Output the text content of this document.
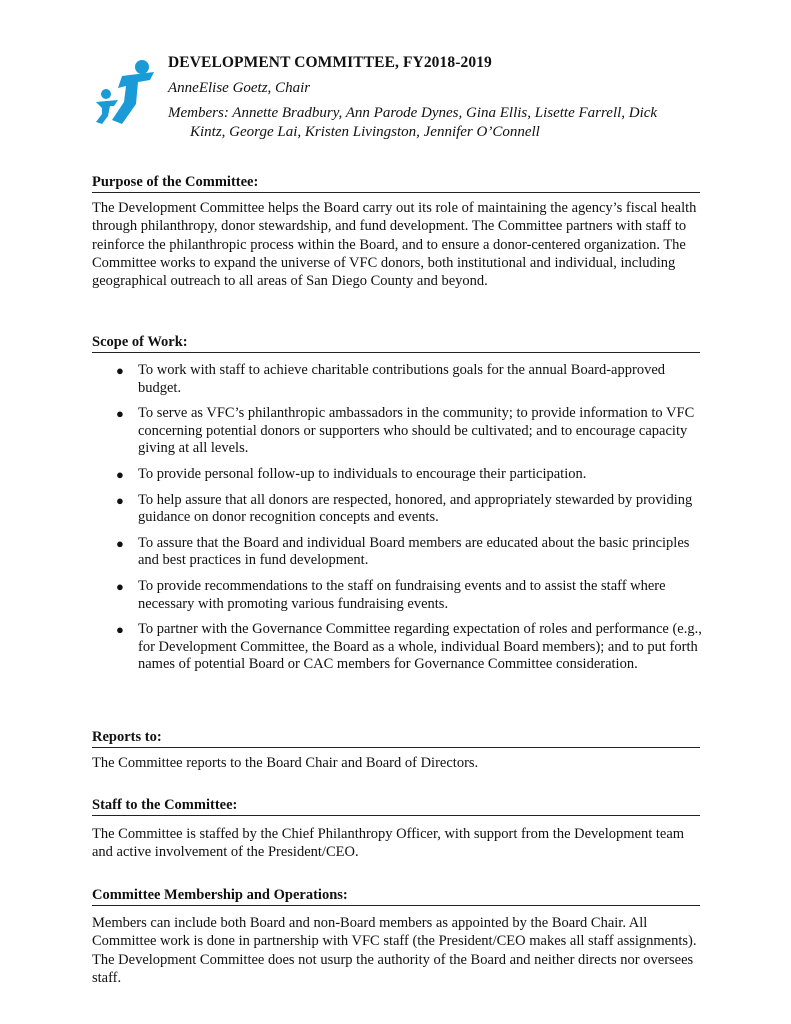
DEVELOPMENT COMMITTEE, FY2018-2019
AnneElise Goetz, Chair
Members: Annette Bradbury, Ann Parode Dynes, Gina Ellis, Lisette Farrell, Dick Kintz, George Lai, Kristen Livingston, Jennifer O’Connell
Purpose of the Committee:
The Development Committee helps the Board carry out its role of maintaining the agency’s fiscal health through philanthropy, donor stewardship, and fund development. The Committee partners with staff to reinforce the philanthropic process within the Board, and to ensure a donor-centered organization. The Committee works to expand the universe of VFC donors, both institutional and individual, including geographical outreach to all areas of San Diego County and beyond.
Scope of Work:
● To work with staff to achieve charitable contributions goals for the annual Board-approved budget.
● To serve as VFC’s philanthropic ambassadors in the community; to provide information to VFC concerning potential donors or supporters who should be cultivated; and to encourage capacity giving at all levels.
● To provide personal follow-up to individuals to encourage their participation.
● To help assure that all donors are respected, honored, and appropriately stewarded by providing guidance on donor recognition concepts and events.
● To assure that the Board and individual Board members are educated about the basic principles and best practices in fund development.
● To provide recommendations to the staff on fundraising events and to assist the staff where necessary with promoting various fundraising events.
● To partner with the Governance Committee regarding expectation of roles and performance (e.g., for Development Committee, the Board as a whole, individual Board members); and to put forth names of potential Board or CAC members for Governance Committee consideration.
Reports to:
The Committee reports to the Board Chair and Board of Directors.
Staff to the Committee:
The Committee is staffed by the Chief Philanthropy Officer, with support from the Development team and active involvement of the President/CEO.
Committee Membership and Operations:
Members can include both Board and non-Board members as appointed by the Board Chair. All Committee work is done in partnership with VFC staff (the President/CEO makes all staff assignments). The Development Committee does not usurp the authority of the Board and neither directs nor oversees staff.
